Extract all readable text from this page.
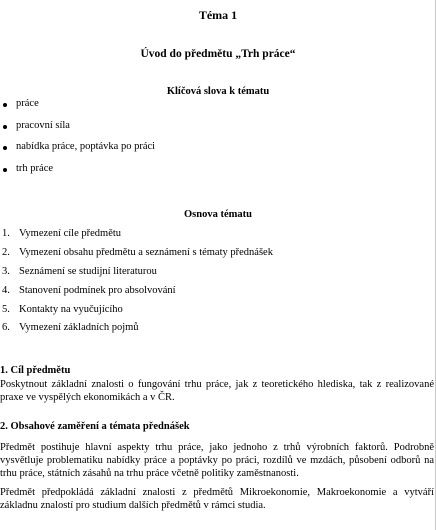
Téma 1
Úvod do předmětu „Trh práce“
Klíčová slova k tématu
práce
pracovní síla
nabídka práce, poptávka po práci
trh práce
Osnova tématu
1. Vymezení cíle předmětu
2. Vymezení obsahu předmětu a seznámení s tématy přednášek
3. Seznámení se studijní literaturou
4. Stanovení podmínek pro absolvování
5. Kontakty na vyučujícího
6. Vymezení základních pojmů
1. Cíl předmětu
Poskytnout základní znalosti o fungování trhu práce, jak z teoretického hlediska, tak z realizované praxe ve vyspělých ekonomikách a v ČR.
2. Obsahové zaměření a témata přednášek
Předmět postihuje hlavní aspekty trhu práce, jako jednoho z trhů výrobních faktorů. Podrobně vysvětluje problematiku nabídky práce a poptávky po práci, rozdílů ve mzdách, působení odborů na trhu práce, státních zásahů na trhu práce včetně politiky zaměstnanosti.
Předmět předpokládá základní znalosti z předmětů Mikroekonomie, Makroekonomie a vytváří základnu znalostí pro studium dalších předmětů v rámci studia.
